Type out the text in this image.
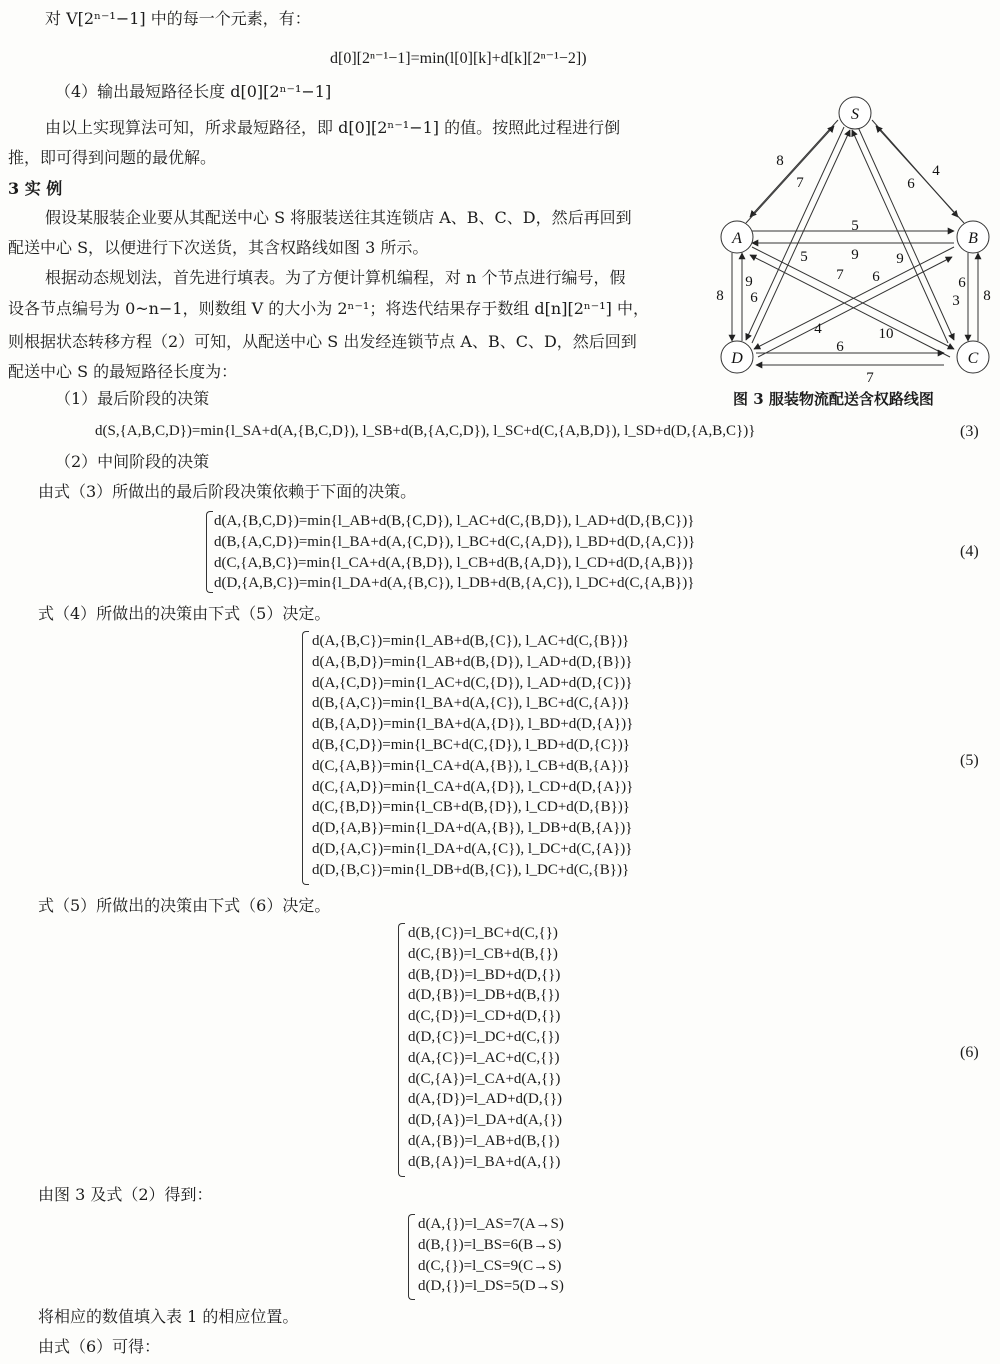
对 V[2ⁿ⁻¹−1] 中的每一个元素，有：
d[0][2ⁿ⁻¹−1]=min(l[0][k]+d[k][2ⁿ⁻¹−2])
（4）输出最短路径长度 d[0][2ⁿ⁻¹−1]
由以上实现算法可知，所求最短路径，即 d[0][2ⁿ⁻¹−1] 的值。按照此过程进行倒
推，即可得到问题的最优解。
3 实 例
假设某服装企业要从其配送中心 S 将服装送往其连锁店 A、B、C、D，然后再回到
配送中心 S，以便进行下次送货，其含权路线如图 3 所示。
根据动态规划法，首先进行填表。为了方便计算机编程，对 n 个节点进行编号，假
设各节点编号为 0~n−1，则数组 V 的大小为 2ⁿ⁻¹；将迭代结果存于数组 d[n][2ⁿ⁻¹] 中，
则根据状态转移方程（2）可知，从配送中心 S 出发经连锁节点 A、B、C、D，然后回到
配送中心 S 的最短路径长度为：
S
A	B
C
D
8
7
4
6
5
9
5	9
7 6
9
6
8
6
3 8
4	10
6
7
图 3 服装物流配送含权路线图
（1）最后阶段的决策
d(S,{A,B,C,D})=min{l_SA+d(A,{B,C,D}), l_SB+d(B,{A,C,D}), l_SC+d(C,{A,B,D}), l_SD+d(D,{A,B,C})}	(3)
（2）中间阶段的决策
由式（3）所做出的最后阶段决策依赖于下面的决策。
d(A,{B,C,D})=min{l_AB+d(B,{C,D}), l_AC+d(C,{B,D}), l_AD+d(D,{B,C})}
d(B,{A,C,D})=min{l_BA+d(A,{C,D}), l_BC+d(C,{A,D}), l_BD+d(D,{A,C})}
d(C,{A,B,C})=min{l_CA+d(A,{B,D}), l_CB+d(B,{A,D}), l_CD+d(D,{A,B})}
d(D,{A,B,C})=min{l_DA+d(A,{B,C}), l_DB+d(B,{A,C}), l_DC+d(C,{A,B})}
(4)
式（4）所做出的决策由下式（5）决定。
d(A,{B,C})=min{l_AB+d(B,{C}), l_AC+d(C,{B})}
d(A,{B,D})=min{l_AB+d(B,{D}), l_AD+d(D,{B})}
d(A,{C,D})=min{l_AC+d(C,{D}), l_AD+d(D,{C})}
d(B,{A,C})=min{l_BA+d(A,{C}), l_BC+d(C,{A})}
d(B,{A,D})=min{l_BA+d(A,{D}), l_BD+d(D,{A})}
d(B,{C,D})=min{l_BC+d(C,{D}), l_BD+d(D,{C})}
d(C,{A,B})=min{l_CA+d(A,{B}), l_CB+d(B,{A})}
d(C,{A,D})=min{l_CA+d(A,{D}), l_CD+d(D,{A})}
d(C,{B,D})=min{l_CB+d(B,{D}), l_CD+d(D,{B})}
d(D,{A,B})=min{l_DA+d(A,{B}), l_DB+d(B,{A})}
d(D,{A,C})=min{l_DA+d(A,{C}), l_DC+d(C,{A})}
d(D,{B,C})=min{l_DB+d(B,{C}), l_DC+d(C,{B})}
(5)
式（5）所做出的决策由下式（6）决定。
d(B,{C})=l_BC+d(C,{})
d(C,{B})=l_CB+d(B,{})
d(B,{D})=l_BD+d(D,{})
d(D,{B})=l_DB+d(B,{})
d(C,{D})=l_CD+d(D,{})
d(D,{C})=l_DC+d(C,{})
d(A,{C})=l_AC+d(C,{})
d(C,{A})=l_CA+d(A,{})
d(A,{D})=l_AD+d(D,{})
d(D,{A})=l_DA+d(A,{})
d(A,{B})=l_AB+d(B,{})
d(B,{A})=l_BA+d(A,{})
(6)
由图 3 及式（2）得到：
d(A,{})=l_AS=7(A→S)
d(B,{})=l_BS=6(B→S)
d(C,{})=l_CS=9(C→S)
d(D,{})=l_DS=5(D→S)
将相应的数值填入表 1 的相应位置。
由式（6）可得：
